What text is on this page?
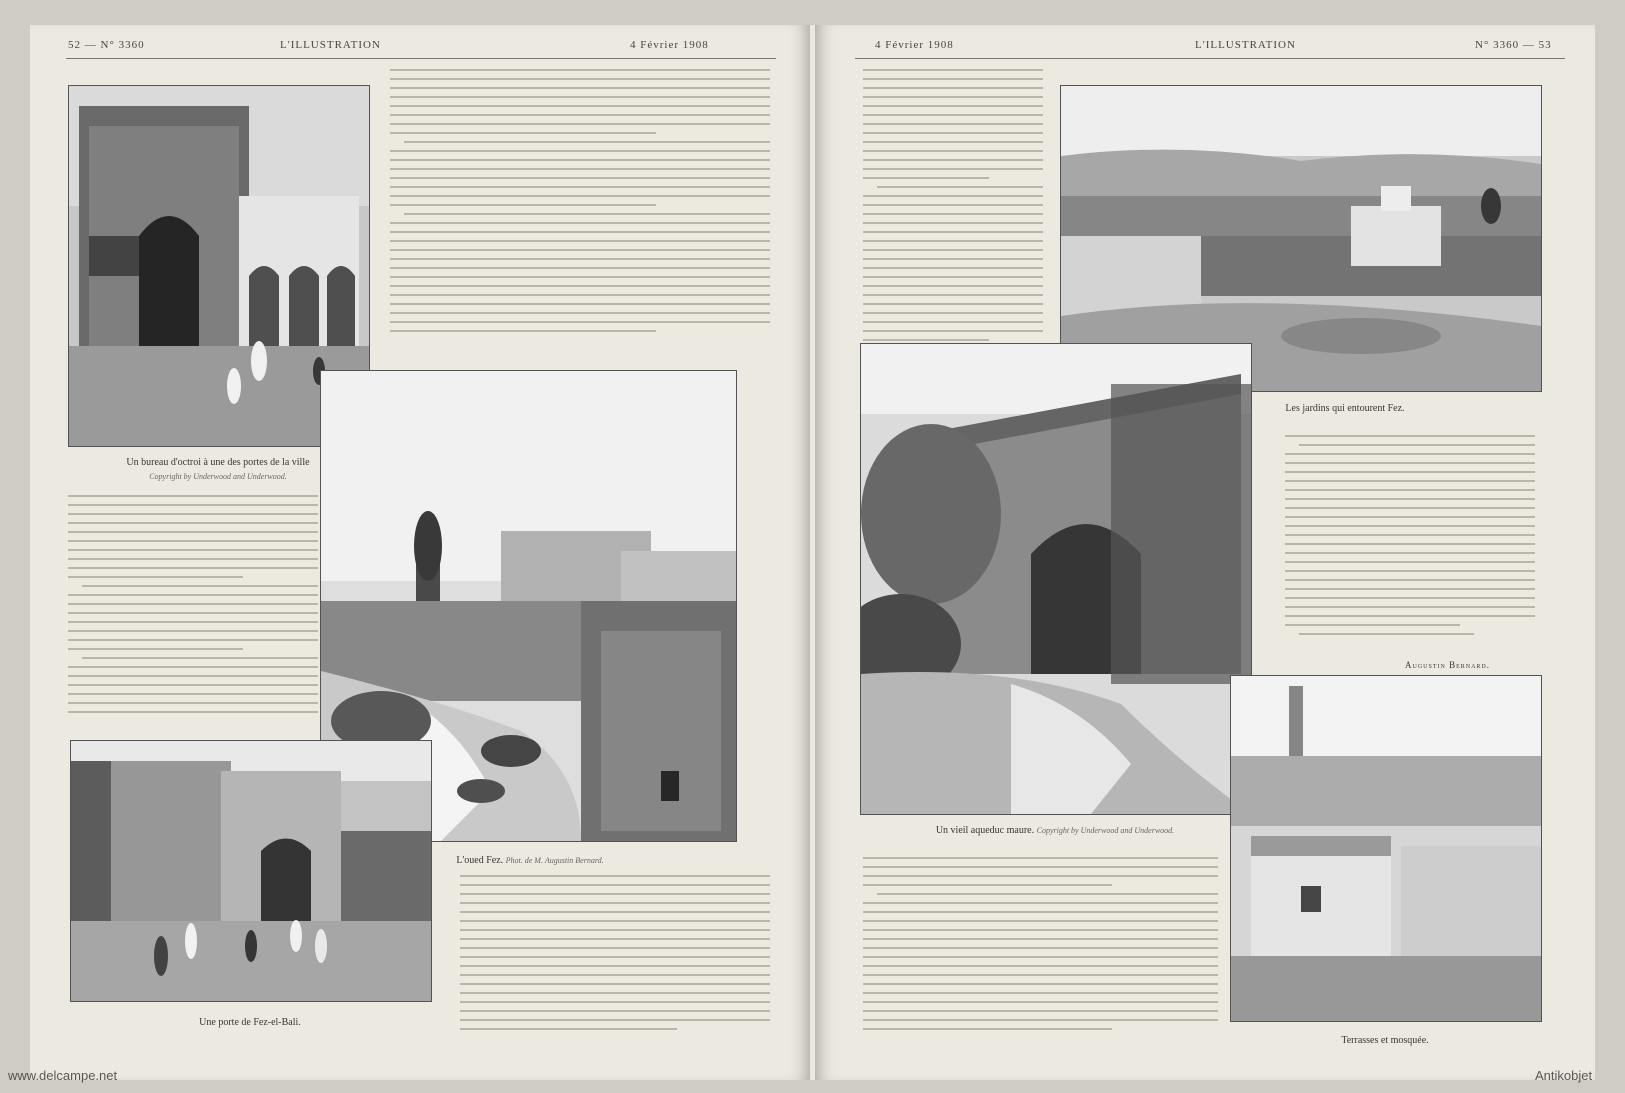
52 — N° 3360	L'ILLUSTRATION	4 Février 1908
Un bureau d'octroi à une des portes de la ville
Copyright by Underwood and Underwood.
L'oued Fez. Phot. de M. Augustin Bernard.
Une porte de Fez-el-Bali.
4 Février 1908	L'ILLUSTRATION	N° 3360 — 53
Les jardins qui entourent Fez.
Un vieil aqueduc maure. Copyright by Underwood and Underwood.
Augustin Bernard.
Terrasses et mosquée.
www.delcampe.net	Antikobjet
